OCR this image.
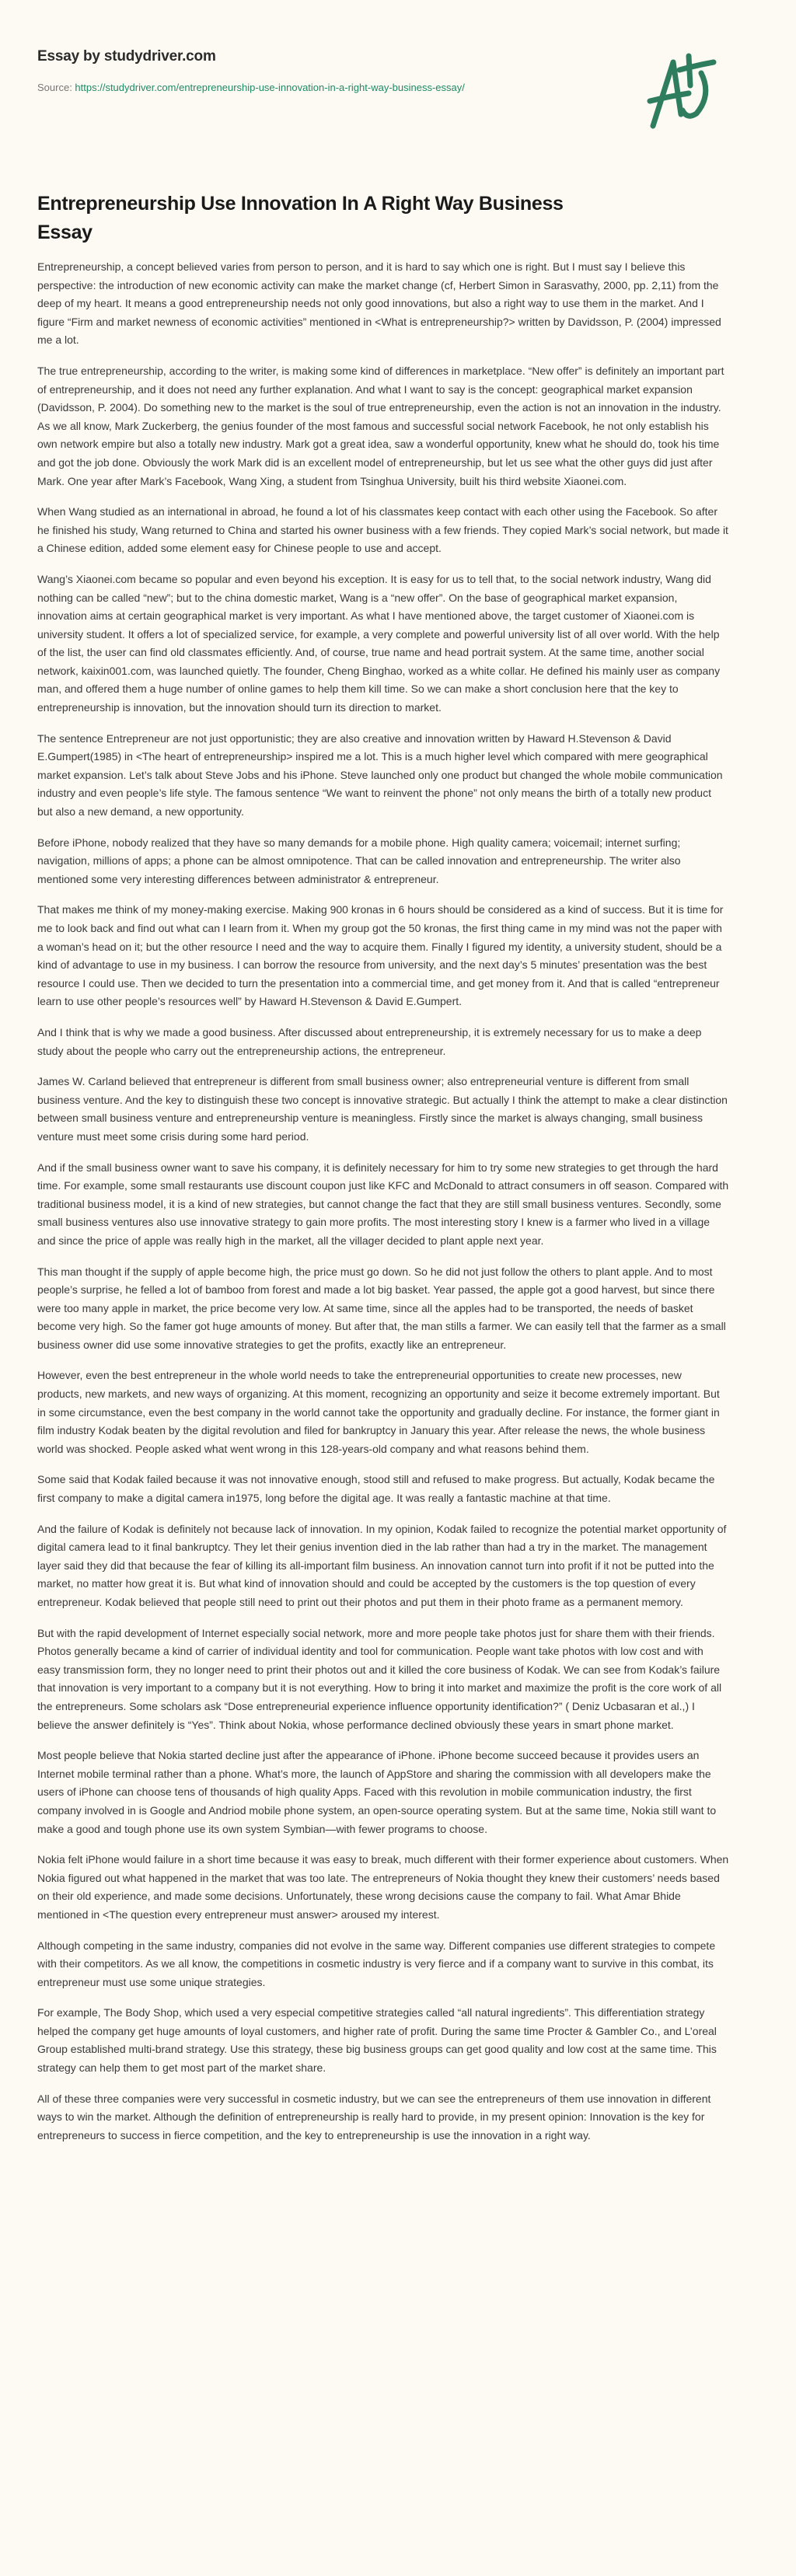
Essay by studydriver.com
Source: https://studydriver.com/entrepreneurship-use-innovation-in-a-right-way-business-essay/
Entrepreneurship Use Innovation In A Right Way Business Essay

Entrepreneurship, a concept believed varies from person to person, and it is hard to say which one is right. But I must say I believe this perspective: the introduction of new economic activity can make the market change (cf, Herbert Simon in Sarasvathy, 2000, pp. 2,11) from the deep of my heart. It means a good entrepreneurship needs not only good innovations, but also a right way to use them in the market. And I figure “Firm and market newness of economic activities” mentioned in <What is entrepreneurship?> written by Davidsson, P. (2004) impressed me a lot.

The true entrepreneurship, according to the writer, is making some kind of differences in marketplace. “New offer” is definitely an important part of entrepreneurship, and it does not need any further explanation. And what I want to say is the concept: geographical market expansion (Davidsson, P. 2004). Do something new to the market is the soul of true entrepreneurship, even the action is not an innovation in the industry. As we all know, Mark Zuckerberg, the genius founder of the most famous and successful social network Facebook, he not only establish his own network empire but also a totally new industry. Mark got a great idea, saw a wonderful opportunity, knew what he should do, took his time and got the job done. Obviously the work Mark did is an excellent model of entrepreneurship, but let us see what the other guys did just after Mark. One year after Mark’s Facebook, Wang Xing, a student from Tsinghua University, built his third website Xiaonei.com.

When Wang studied as an international in abroad, he found a lot of his classmates keep contact with each other using the Facebook. So after he finished his study, Wang returned to China and started his owner business with a few friends. They copied Mark’s social network, but made it a Chinese edition, added some element easy for Chinese people to use and accept.

Wang’s Xiaonei.com became so popular and even beyond his exception. It is easy for us to tell that, to the social network industry, Wang did nothing can be called “new”; but to the china domestic market, Wang is a “new offer”. On the base of geographical market expansion, innovation aims at certain geographical market is very important. As what I have mentioned above, the target customer of Xiaonei.com is university student. It offers a lot of specialized service, for example, a very complete and powerful university list of all over world. With the help of the list, the user can find old classmates efficiently. And, of course, true name and head portrait system. At the same time, another social network, kaixin001.com, was launched quietly. The founder, Cheng Binghao, worked as a white collar. He defined his mainly user as company man, and offered them a huge number of online games to help them kill time. So we can make a short conclusion here that the key to entrepreneurship is innovation, but the innovation should turn its direction to market.

The sentence Entrepreneur are not just opportunistic; they are also creative and innovation written by Haward H.Stevenson & David E.Gumpert(1985) in <The heart of entrepreneurship> inspired me a lot. This is a much higher level which compared with mere geographical market expansion. Let’s talk about Steve Jobs and his iPhone. Steve launched only one product but changed the whole mobile communication industry and even people’s life style. The famous sentence “We want to reinvent the phone” not only means the birth of a totally new product but also a new demand, a new opportunity.

Before iPhone, nobody realized that they have so many demands for a mobile phone. High quality camera; voicemail; internet surfing; navigation, millions of apps; a phone can be almost omnipotence. That can be called innovation and entrepreneurship. The writer also mentioned some very interesting differences between administrator & entrepreneur.

That makes me think of my money-making exercise. Making 900 kronas in 6 hours should be considered as a kind of success. But it is time for me to look back and find out what can I learn from it. When my group got the 50 kronas, the first thing came in my mind was not the paper with a woman’s head on it; but the other resource I need and the way to acquire them. Finally I figured my identity, a university student, should be a kind of advantage to use in my business. I can borrow the resource from university, and the next day’s 5 minutes’ presentation was the best resource I could use. Then we decided to turn the presentation into a commercial time, and get money from it. And that is called “entrepreneur learn to use other people’s resources well” by Haward H.Stevenson & David E.Gumpert.

And I think that is why we made a good business. After discussed about entrepreneurship, it is extremely necessary for us to make a deep study about the people who carry out the entrepreneurship actions, the entrepreneur.

James W. Carland believed that entrepreneur is different from small business owner; also entrepreneurial venture is different from small business venture. And the key to distinguish these two concept is innovative strategic. But actually I think the attempt to make a clear distinction between small business venture and entrepreneurship venture is meaningless. Firstly since the market is always changing, small business venture must meet some crisis during some hard period.

And if the small business owner want to save his company, it is definitely necessary for him to try some new strategies to get through the hard time. For example, some small restaurants use discount coupon just like KFC and McDonald to attract consumers in off season. Compared with traditional business model, it is a kind of new strategies, but cannot change the fact that they are still small business ventures. Secondly, some small business ventures also use innovative strategy to gain more profits. The most interesting story I knew is a farmer who lived in a village and since the price of apple was really high in the market, all the villager decided to plant apple next year.

This man thought if the supply of apple become high, the price must go down. So he did not just follow the others to plant apple. And to most people’s surprise, he felled a lot of bamboo from forest and made a lot big basket. Year passed, the apple got a good harvest, but since there were too many apple in market, the price become very low. At same time, since all the apples had to be transported, the needs of basket become very high. So the famer got huge amounts of money. But after that, the man stills a farmer. We can easily tell that the farmer as a small business owner did use some innovative strategies to get the profits, exactly like an entrepreneur.

However, even the best entrepreneur in the whole world needs to take the entrepreneurial opportunities to create new processes, new products, new markets, and new ways of organizing. At this moment, recognizing an opportunity and seize it become extremely important. But in some circumstance, even the best company in the world cannot take the opportunity and gradually decline. For instance, the former giant in film industry Kodak beaten by the digital revolution and filed for bankruptcy in January this year. After release the news, the whole business world was shocked. People asked what went wrong in this 128-years-old company and what reasons behind them.

Some said that Kodak failed because it was not innovative enough, stood still and refused to make progress. But actually, Kodak became the first company to make a digital camera in1975, long before the digital age. It was really a fantastic machine at that time.

And the failure of Kodak is definitely not because lack of innovation. In my opinion, Kodak failed to recognize the potential market opportunity of digital camera lead to it final bankruptcy. They let their genius invention died in the lab rather than had a try in the market. The management layer said they did that because the fear of killing its all-important film business. An innovation cannot turn into profit if it not be putted into the market, no matter how great it is. But what kind of innovation should and could be accepted by the customers is the top question of every entrepreneur. Kodak believed that people still need to print out their photos and put them in their photo frame as a permanent memory.

But with the rapid development of Internet especially social network, more and more people take photos just for share them with their friends. Photos generally became a kind of carrier of individual identity and tool for communication. People want take photos with low cost and with easy transmission form, they no longer need to print their photos out and it killed the core business of Kodak. We can see from Kodak’s failure that innovation is very important to a company but it is not everything. How to bring it into market and maximize the profit is the core work of all the entrepreneurs. Some scholars ask “Dose entrepreneurial experience influence opportunity identification?” ( Deniz Ucbasaran et al.,) I believe the answer definitely is “Yes”. Think about Nokia, whose performance declined obviously these years in smart phone market.

Most people believe that Nokia started decline just after the appearance of iPhone. iPhone become succeed because it provides users an Internet mobile terminal rather than a phone. What’s more, the launch of AppStore and sharing the commission with all developers make the users of iPhone can choose tens of thousands of high quality Apps. Faced with this revolution in mobile communication industry, the first company involved in is Google and Andriod mobile phone system, an open-source operating system. But at the same time, Nokia still want to make a good and tough phone use its own system Symbian—with fewer programs to choose.

Nokia felt iPhone would failure in a short time because it was easy to break, much different with their former experience about customers. When Nokia figured out what happened in the market that was too late. The entrepreneurs of Nokia thought they knew their customers’ needs based on their old experience, and made some decisions. Unfortunately, these wrong decisions cause the company to fail. What Amar Bhide mentioned in <The question every entrepreneur must answer> aroused my interest.

Although competing in the same industry, companies did not evolve in the same way. Different companies use different strategies to compete with their competitors. As we all know, the competitions in cosmetic industry is very fierce and if a company want to survive in this combat, its entrepreneur must use some unique strategies.

For example, The Body Shop, which used a very especial competitive strategies called “all natural ingredients”. This differentiation strategy helped the company get huge amounts of loyal customers, and higher rate of profit. During the same time Procter & Gambler Co., and L’oreal Group established multi-brand strategy. Use this strategy, these big business groups can get good quality and low cost at the same time. This strategy can help them to get most part of the market share.

All of these three companies were very successful in cosmetic industry, but we can see the entrepreneurs of them use innovation in different ways to win the market. Although the definition of entrepreneurship is really hard to provide, in my present opinion: Innovation is the key for entrepreneurs to success in fierce competition, and the key to entrepreneurship is use the innovation in a right way.
